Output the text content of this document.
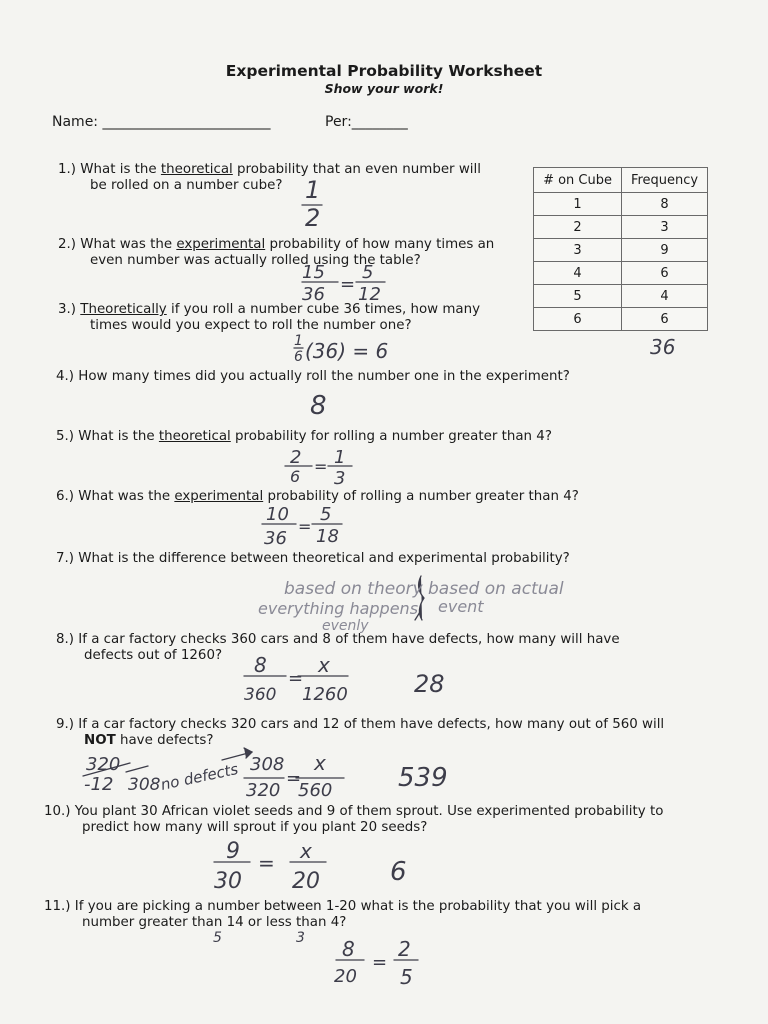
Experimental Probability Worksheet
Show your work!
Name: ________________________	Per:________
1.) What is the theoretical probability that an even number will
be rolled on a number cube?
2.) What was the experimental probability of how many times an
even number was actually rolled using the table?
3.) Theoretically if you roll a number cube 36 times, how many
times would you expect to roll the number one?
4.) How many times did you actually roll the number one in the experiment?
5.) What is the theoretical probability for rolling a number greater than 4?
6.) What was the experimental probability of rolling a number greater than 4?
7.) What is the difference between theoretical and experimental probability?
8.) If a car factory checks 360 cars and 8 of them have defects, how many will have
defects out of 1260?
9.) If a car factory checks 320 cars and 12 of them have defects, how many out of 560 will
NOT have defects?
10.) You plant 30 African violet seeds and 9 of them sprout. Use experimented probability to
predict how many will sprout if you plant 20 seeds?
11.) If you are picking a number between 1-20 what is the probability that you will pick a
number greater than 14 or less than 4?
# on Cube	Frequency
1	8
2	3
3	9
4	6
5	4
6	6
1
2
15
36 =
5
12
1
6 (36) = 6	36
8
2
6
= 1
3
10
36
=
5
18
based on theory based on actual
everything happens event
evenly
8
360
=
x
1260	28
320
-12 308
no defects 308
320
=
x
560	539
9
30
= x
20	6
5	3 8
20
=
2
5
